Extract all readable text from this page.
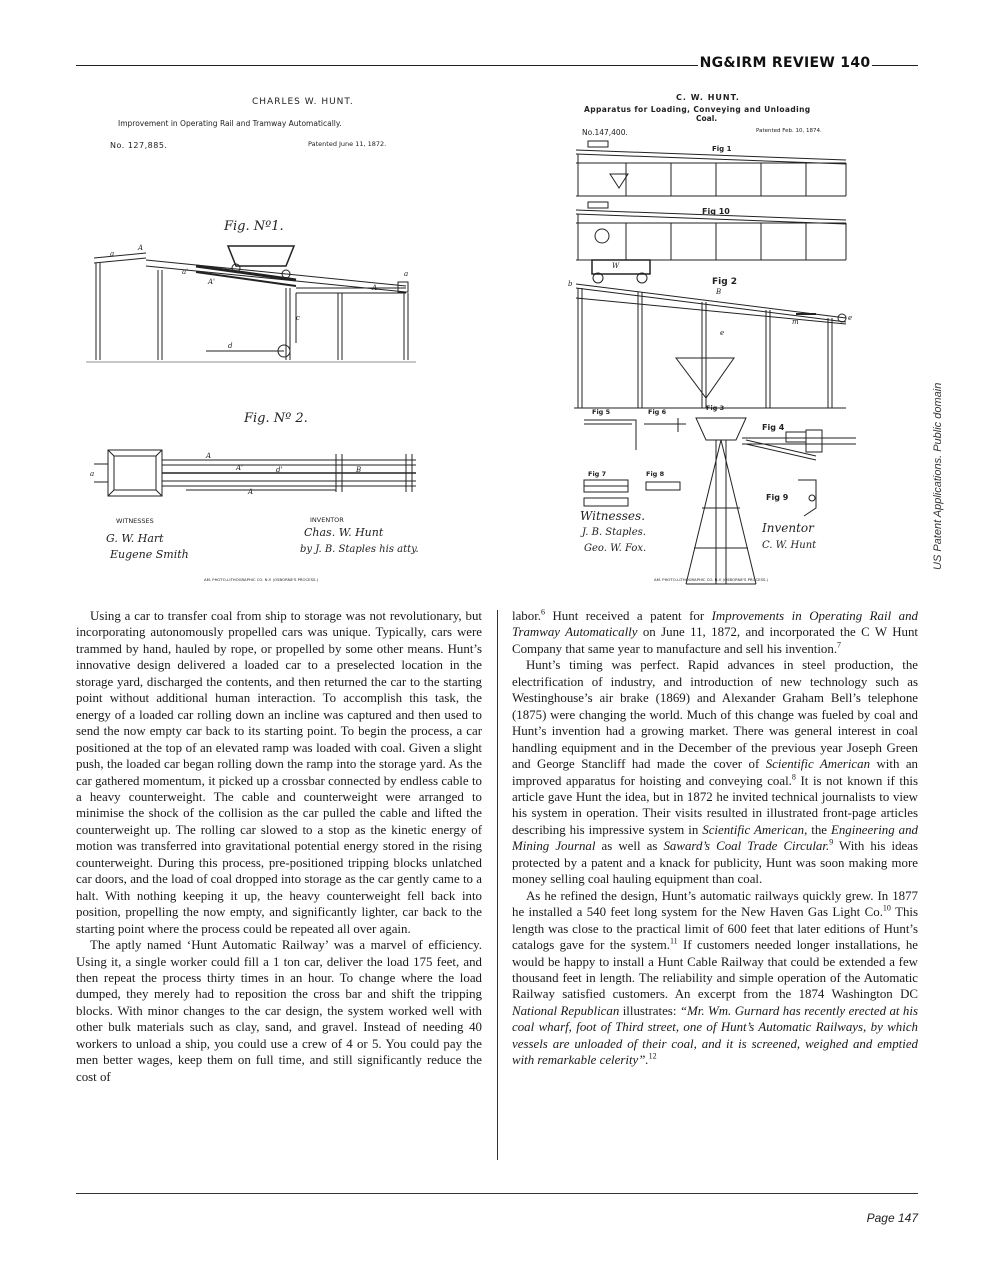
NG&IRM REVIEW 140
CHARLES W. HUNT.
Improvement in Operating Rail and Tramway Automatically.
No. 127,885.	Patented June 11, 1872.
Fig. Nº1.
A
a
A'
a'
c
d
a
A
Fig. Nº 2.
A
A'	d'	B
A
a
WITNESSES
G. W. Hart
Eugene Smith
INVENTOR
Chas. W. Hunt
by J. B. Staples his atty.
AM. PHOTO-LITHOGRAPHIC CO. N.Y. (OSBORNE'S PROCESS.)
C. W. HUNT.
Apparatus for Loading, Conveying and Unloading
Coal.
No.147,400.	Patented Feb. 10, 1874.
Fig 1
Fig 10
Fig 2
W
b
B
e
m	e
Fig 5	Fig 6	Fig 3
Fig 4
Fig 7	Fig 8
Fig 9
Witnesses.
J. B. Staples.
Geo. W. Fox.
Inventor
C. W. Hunt
AM. PHOTO-LITHOGRAPHIC CO. N.Y. (OSBORNE'S PROCESS.)
US Patent Applications. Public domain

Using a car to transfer coal from ship to storage was not revolutionary, but incorporating autonomously propelled cars was unique. Typically, cars were trammed by hand, hauled by rope, or propelled by some other means. Hunt’s innovative design delivered a loaded car to a preselected location in the storage yard, discharged the contents, and then returned the car to the starting point without additional human interaction. To accomplish this task, the energy of a loaded car rolling down an incline was captured and then used to send the now empty car back to its starting point. To begin the process, a car positioned at the top of an elevated ramp was loaded with coal. Given a slight push, the loaded car began rolling down the ramp into the storage yard. As the car gathered momentum, it picked up a crossbar connected by endless cable to a heavy counterweight. The cable and counterweight were arranged to minimise the shock of the collision as the car pulled the cable and lifted the counterweight up. The rolling car slowed to a stop as the kinetic energy of motion was transferred into gravitational potential energy stored in the rising counterweight. During this process, pre-positioned tripping blocks unlatched car doors, and the load of coal dropped into storage as the car gently came to a halt. With nothing keeping it up, the heavy counterweight fell back into position, propelling the now empty, and significantly lighter, car back to the starting point where the process could be repeated all over again.

The aptly named ‘Hunt Automatic Railway’ was a marvel of efficiency. Using it, a single worker could fill a 1 ton car, deliver the load 175 feet, and then repeat the process thirty times in an hour. To change where the load dumped, they merely had to reposition the cross bar and shift the tripping blocks. With minor changes to the car design, the system worked well with other bulk materials such as clay, sand, and gravel. Instead of needing 40 workers to unload a ship, you could use a crew of 4 or 5. You could pay the men better wages, keep them on full time, and still significantly reduce the cost of

labor.$^6$ Hunt received a patent for Improvements in Operating Rail and Tramway Automatically on June 11, 1872, and incorporated the C W Hunt Company that same year to manufacture and sell his invention.$^7$

Hunt’s timing was perfect. Rapid advances in steel production, the electrification of industry, and introduction of new technology such as Westinghouse’s air brake (1869) and Alexander Graham Bell’s telephone (1875) were changing the world. Much of this change was fueled by coal and Hunt’s invention had a growing market. There was general interest in coal handling equipment and in the December of the previous year Joseph Green and George Stancliff had made the cover of Scientific American with an improved apparatus for hoisting and conveying coal.$^8$ It is not known if this article gave Hunt the idea, but in 1872 he invited technical journalists to view his system in operation. Their visits resulted in illustrated front-page articles describing his impressive system in Scientific American, the Engineering and Mining Journal as well as Saward’s Coal Trade Circular.$^9$ With his ideas protected by a patent and a knack for publicity, Hunt was soon making more money selling coal hauling equipment than coal.

As he refined the design, Hunt’s automatic railways quickly grew. In 1877 he installed a 540 feet long system for the New Haven Gas Light Co.$^{10}$ This length was close to the practical limit of 600 feet that later editions of Hunt’s catalogs gave for the system.$^{11}$ If customers needed longer installations, he would be happy to install a Hunt Cable Railway that could be extended a few thousand feet in length. The reliability and simple operation of the Automatic Railway satisfied customers. An excerpt from the 1874 Washington DC National Republican illustrates: “Mr. Wm. Gurnard has recently erected at his coal wharf, foot of Third street, one of Hunt’s Automatic Railways, by which vessels are unloaded of their coal, and it is screened, weighed and emptied with remarkable celerity”.$^{12}$

Page 147
